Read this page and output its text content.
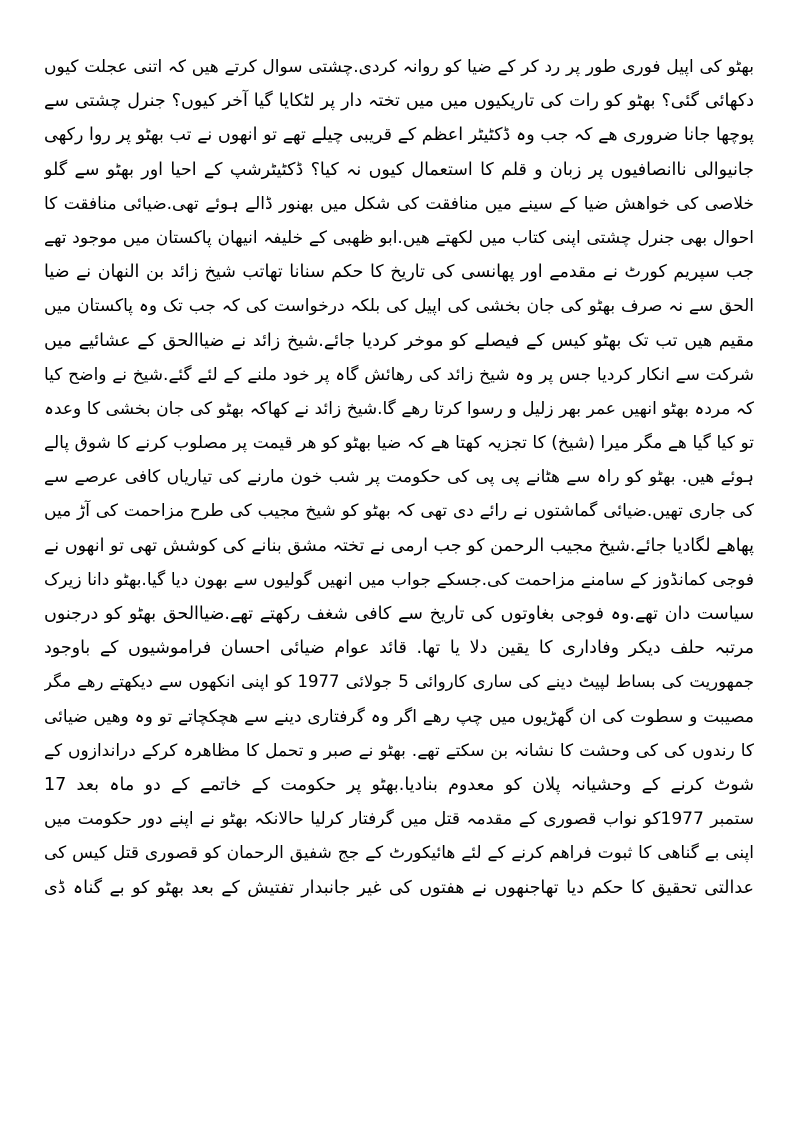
بھٹو کی اپیل فوری طور پر رد کر کے ضیا کو روانہ کردی.چشتی سوال کرتے ھیں کہ اتنی عجلت کیوں
دکھائی گئی؟ بھٹو کو رات کی تاریکیوں میں میں تختہ دار پر لٹکایا گیا آخر کیوں؟ جنرل چشتی سے
پوچھا جانا ضروری ھے کہ جب وہ ڈکٹیٹر اعظم کے قریبی چیلے تھے تو انھوں نے تب بھٹو پر روا رکھی
جانیوالی ناانصافیوں پر زبان و قلم کا استعمال کیوں نہ کیا؟ ڈکٹیٹرشپ کے احیا اور بھٹو سے گلو
خلاصی کی خواھش ضیا کے سینے میں منافقت کی شکل میں بھنور ڈالے ہوئے تھی.ضیائی منافقت کا
احوال بھی جنرل چشتی اپنی کتاب میں لکھتے ھیں.ابو ظھبی کے خلیفہ انیھان پاکستان میں موجود تھے
جب سپریم کورٹ نے مقدمے اور پھانسی کی تاریخ کا حکم سنانا تھاتب شیخ زائد بن النھان نے ضیا
الحق سے نہ صرف بھٹو کی جان بخشی کی اپیل کی بلکہ درخواست کی کہ جب تک وہ پاکستان میں
مقیم ھیں تب تک بھٹو کیس کے فیصلے کو موخر کردیا جائے.شیخ زائد نے ضیاالحق کے عشائیے میں
شرکت سے انکار کردیا جس پر وہ شیخ زائد کی رھائش گاہ پر خود ملنے کے لئے گئے.شیخ نے واضح کیا
کہ مردہ بھٹو انھیں عمر بھر زلیل و رسوا کرتا رھے گا.شیخ زائد نے کھاکہ بھٹو کی جان بخشی کا وعدہ
تو کیا گیا ھے مگر میرا (شیخ) کا تجزیہ کھتا ھے کہ ضیا بھٹو کو ھر قیمت پر مصلوب کرنے کا شوق پالے
ہوئے ھیں. بھٹو کو راہ سے ھٹانے پی پی کی حکومت پر شب خون مارنے کی تیاریاں کافی عرصے سے
کی جاری تھیں.ضیائی گماشتوں نے رائے دی تھی کہ بھٹو کو شیخ مجیب کی طرح مزاحمت کی آڑ میں
پھاھے لگادیا جائے.شیخ مجیب الرحمن کو جب ارمی نے تختہ مشق بنانے کی کوشش تھی تو انھوں نے
فوجی کمانڈوز کے سامنے مزاحمت کی.جسکے جواب میں انھیں گولیوں سے بھون دیا گیا.بھٹو دانا زیرک
سیاست دان تھے.وہ فوجی بغاوتوں کی تاریخ سے کافی شغف رکھتے تھے.ضیاالحق بھٹو کو درجنوں
مرتبہ حلف دیکر وفاداری کا یقین دلا یا تھا. قائد عوام ضیائی احسان فراموشیوں کے باوجود
جمھوریت کی بساط لپیٹ دینے کی ساری کاروائی 5 جولائی 1977 کو اپنی انکھوں سے دیکھتے رھے مگر
مصیبت و سطوت کی ان گھڑیوں میں چپ رھے اگر وہ گرفتاری دینے سے ھچکچاتے تو وہ وھیں ضیائی
کا رندوں کی کی وحشت کا نشانہ بن سکتے تھے. بھٹو نے صبر و تحمل کا مظاھرہ کرکے دراندازوں کے
شوٹ کرنے کے وحشیانہ پلان کو معدوم بنادیا.بھٹو پر حکومت کے خاتمے کے دو ماہ بعد 17
ستمبر 1977کو نواب قصوری کے مقدمہ قتل میں گرفتار کرلیا حالانکہ بھٹو نے اپنے دور حکومت میں
اپنی بے گناھی کا ثبوت فراھم کرنے کے لئے ھائیکورٹ کے جج شفیق الرحمان کو قصوری قتل کیس کی
عدالتی تحقیق کا حکم دیا تھاجنھوں نے ھفتوں کی غیر جانبدار تفتیش کے بعد بھٹو کو بے گناہ ڈی
